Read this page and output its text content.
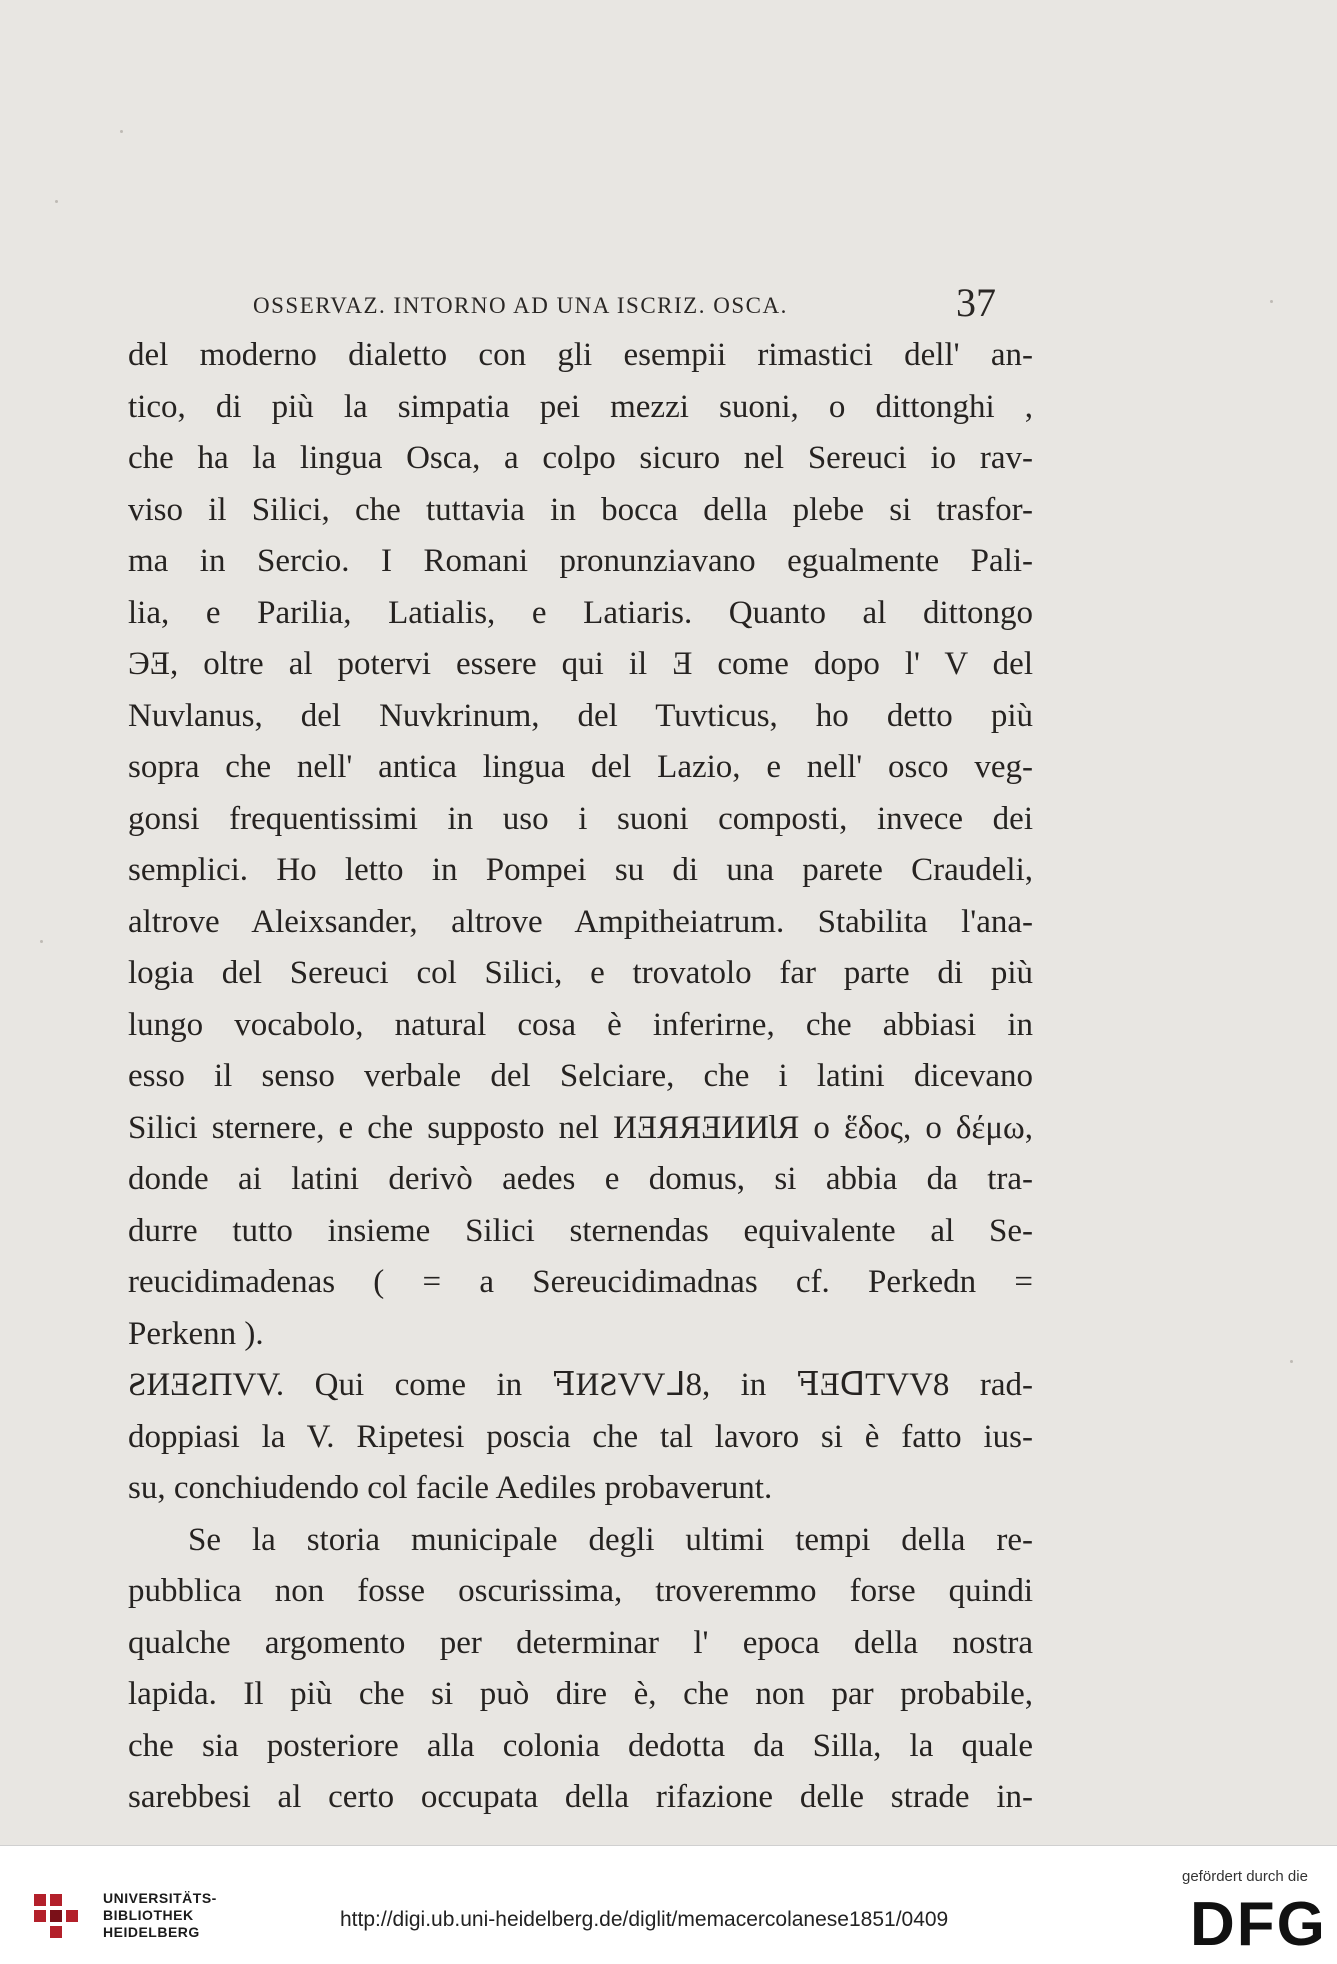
OSSERVAZ. INTORNO AD UNA ISCRIZ. OSCA.	37
del moderno dialetto con gli esempii rimastici dell' an-
tico, di più la simpatia pei mezzi suoni, o dittonghi ,
che ha la lingua Osca, a colpo sicuro nel Sereuci io rav-
viso il Silici, che tuttavia in bocca della plebe si trasfor-
ma in Sercio. I Romani pronunziavano egualmente Pali-
lia, e Parilia, Latialis, e Latiaris. Quanto al dittongo
ЭƎ, oltre al potervi essere qui il Ǝ come dopo l' V del
Nuvlanus, del Nuvkrinum, del Tuvticus, ho detto più
sopra che nell' antica lingua del Lazio, e nell' osco veg-
gonsi frequentissimi in uso i suoni composti, invece dei
semplici. Ho letto in Pompei su di una parete Craudeli,
altrove Aleixsander, altrove Ampitheiatrum. Stabilita l'ana-
logia del Sereuci col Silici, e trovatolo far parte di più
lungo vocabolo, natural cosa è inferirne, che abbiasi in
esso il senso verbale del Selciare, che i latini dicevano
Silici sternere, e che supposto nel ИƎЯЯƎИИƖЯ o ἕδος, o δέμω,
donde ai latini derivò aedes e domus, si abbia da tra-
durre tutto insieme Silici sternendas equivalente al Se-
reucidimadenas ( = a Sereucidimadnas cf. Perkedn =
Perkenn ).
ƧИƎƧПVV. Qui come in ꟻИƧVVᒧ8, in ꟻƎᗡTVV8 rad-
doppiasi la V. Ripetesi poscia che tal lavoro si è fatto ius-
su, conchiudendo col facile Aediles probaverunt.
Se la storia municipale degli ultimi tempi della re-
pubblica non fosse oscurissima, troveremmo forse quindi
qualche argomento per determinar l' epoca della nostra
lapida. Il più che si può dire è, che non par probabile,
che sia posteriore alla colonia dedotta da Silla, la quale
sarebbesi al certo occupata della rifazione delle strade in-
UNIVERSITÄTS-
BIBLIOTHEK
HEIDELBERG
http://digi.ub.uni-heidelberg.de/diglit/memacercolanese1851/0409
gefördert durch die
DFG
